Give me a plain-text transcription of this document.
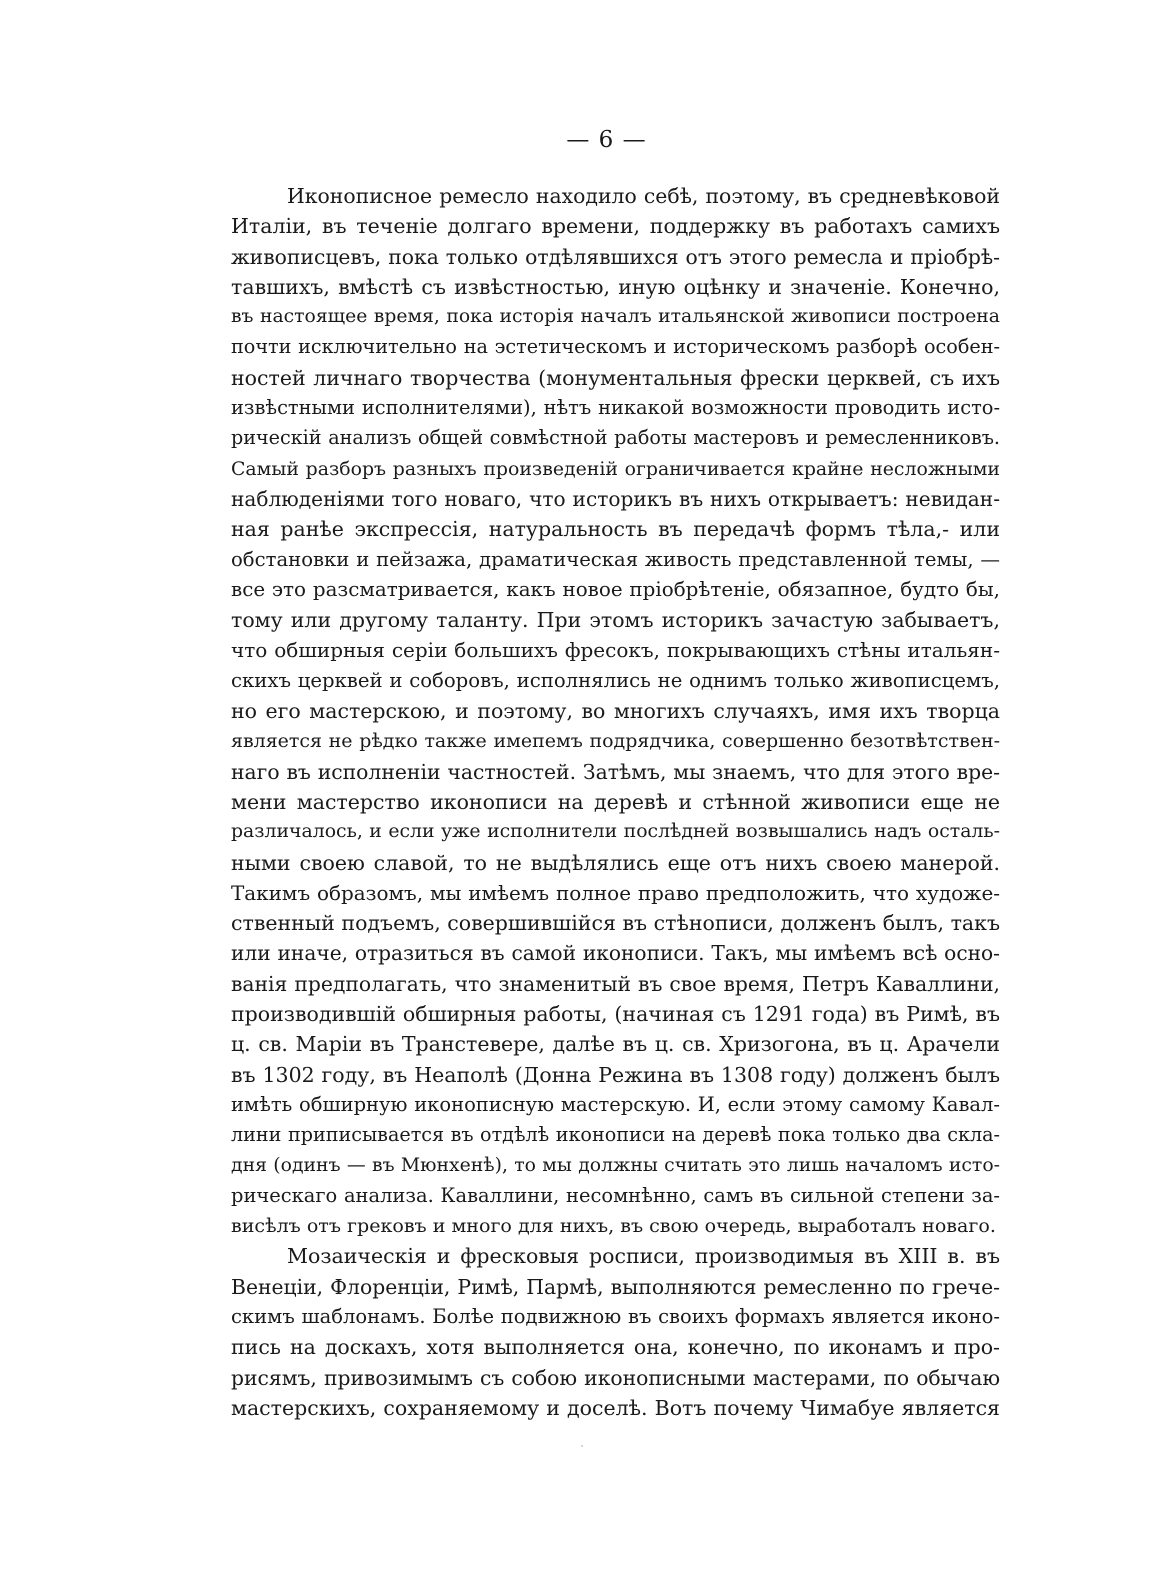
— 6 —
Иконописное ремесло находило себѣ, поэтому, въ средневѣковой
Италіи, въ теченіе долгаго времени, поддержку въ работахъ самихъ
живописцевъ, пока только отдѣлявшихся отъ этого ремесла и пріобрѣ-
тавшихъ, вмѣстѣ съ извѣстностью, иную оцѣнку и значеніе. Конечно,
въ настоящее время, пока исторія началъ итальянской живописи построена
почти исключительно на эстетическомъ и историческомъ разборѣ особен-
ностей личнаго творчества (монументальныя фрески церквей, съ ихъ
извѣстными исполнителями), нѣтъ никакой возможности проводить исто-
рическій анализъ общей совмѣстной работы мастеровъ и ремесленниковъ.
Самый разборъ разныхъ произведеній ограничивается крайне несложными
наблюденіями того новаго, что историкъ въ нихъ открываетъ: невидан-
ная ранѣе экспрессія, натуральность въ передачѣ формъ тѣла,- или
обстановки и пейзажа, драматическая живость представленной темы, —
все это разсматривается, какъ новое пріобрѣтеніе, обязапное, будто бы,
тому или другому таланту. При этомъ историкъ зачастую забываетъ,
что обширныя серіи большихъ фресокъ, покрывающихъ стѣны итальян-
скихъ церквей и соборовъ, исполнялись не однимъ только живописцемъ,
но его мастерскою, и поэтому, во многихъ случаяхъ, имя ихъ творца
является не рѣдко также имепемъ подрядчика, совершенно безотвѣтствен-
наго въ исполненіи частностей. Затѣмъ, мы знаемъ, что для этого вре-
мени мастерство иконописи на деревѣ и стѣнной живописи еще не
различалось, и если уже исполнители послѣдней возвышались надъ осталь-
ными своею славой, то не выдѣлялись еще отъ нихъ своею манерой.
Такимъ образомъ, мы имѣемъ полное право предположить, что художе-
ственный подъемъ, совершившійся въ стѣнописи, долженъ былъ, такъ
или иначе, отразиться въ самой иконописи. Такъ, мы имѣемъ всѣ осно-
ванія предполагать, что знаменитый въ свое время, Петръ Каваллини,
производившій обширныя работы, (начиная съ 1291 года) въ Римѣ, въ
ц. св. Маріи въ Транстевере, далѣе въ ц. св. Хризогона, въ ц. Арачели
въ 1302 году, въ Неаполѣ (Донна Режина въ 1308 году) долженъ былъ
имѣть обширную иконописную мастерскую. И, если этому самому Кавал-
лини приписывается въ отдѣлѣ иконописи на деревѣ пока только два скла-
дня (одинъ — въ Мюнхенѣ), то мы должны считать это лишь началомъ исто-
рическаго анализа. Каваллини, несомнѣнно, самъ въ сильной степени за-
висѣлъ отъ грековъ и много для нихъ, въ свою очередь, выработалъ новаго.
Мозаическія и фресковыя росписи, производимыя въ XIII в. въ
Венеціи, Флоренціи, Римѣ, Пармѣ, выполняются ремесленно по грече-
скимъ шаблонамъ. Болѣе подвижною въ своихъ формахъ является иконо-
пись на доскахъ, хотя выполняется она, конечно, по иконамъ и про-
рисямъ, привозимымъ съ собою иконописными мастерами, по обычаю
мастерскихъ, сохраняемому и доселѣ. Вотъ почему Чимабуе является
